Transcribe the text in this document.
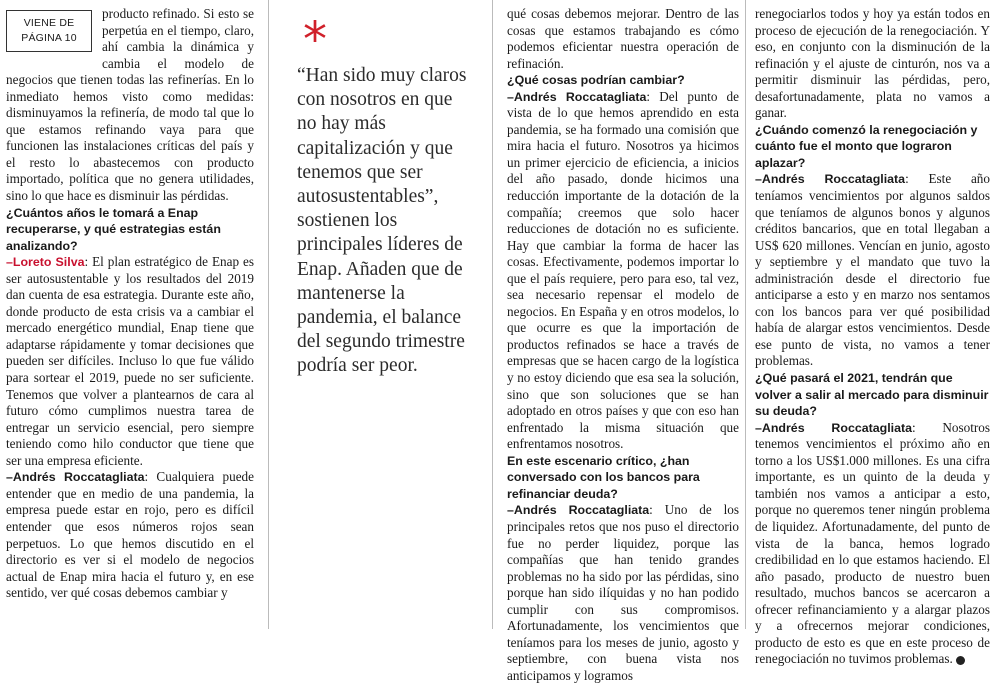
VIENE DE
PÁGINA 10

producto refinado. Si esto se perpetúa en el tiempo, claro, ahí cambia la dinámica y cambia el modelo de negocios que tienen todas las refinerías. En lo inmediato hemos visto como medidas: disminuyamos la refinería, de modo tal que lo que estamos refinando vaya para que funcionen las instalaciones críticas del país y el resto lo abastecemos con producto importado, política que no genera utilidades, sino lo que hace es disminuir las pérdidas.

¿Cuántos años le tomará a Enap recuperarse, y qué estrategias están analizando?

–Loreto Silva: El plan estratégico de Enap es ser autosustentable y los resultados del 2019 dan cuenta de esa estrategia. Durante este año, donde producto de esta crisis va a cambiar el mercado energético mundial, Enap tiene que adaptarse rápidamente y tomar decisiones que pueden ser difíciles. Incluso lo que fue válido para sortear el 2019, puede no ser suficiente. Tenemos que volver a plantearnos de cara al futuro cómo cumplimos nuestra tarea de entregar un servicio esencial, pero siempre teniendo como hilo conductor que tiene que ser una empresa eficiente.

–Andrés Roccatagliata: Cualquiera puede entender que en medio de una pandemia, la empresa puede estar en rojo, pero es difícil entender que esos números rojos sean perpetuos. Lo que hemos discutido en el directorio es ver si el modelo de negocios actual de Enap mira hacia el futuro y, en ese sentido, ver qué cosas debemos cambiar y

*
“Han sido muy claros con nosotros en que no hay más capitalización y que tenemos que ser autosustentables”, sostienen los principales líderes de Enap. Añaden que de mantenerse la pandemia, el balance del segundo trimestre podría ser peor.

qué cosas debemos mejorar. Dentro de las cosas que estamos trabajando es cómo podemos eficientar nuestra operación de refinación.

¿Qué cosas podrían cambiar?

–Andrés Roccatagliata: Del punto de vista de lo que hemos aprendido en esta pandemia, se ha formado una comisión que mira hacia el futuro. Nosotros ya hicimos un primer ejercicio de eficiencia, a inicios del año pasado, donde hicimos una reducción importante de la dotación de la compañía; creemos que solo hacer reducciones de dotación no es suficiente. Hay que cambiar la forma de hacer las cosas. Efectivamente, podemos importar lo que el país requiere, pero para eso, tal vez, sea necesario repensar el modelo de negocios. En España y en otros modelos, lo que ocurre es que la importación de productos refinados se hace a través de empresas que se hacen cargo de la logística y no estoy diciendo que esa sea la solución, sino que son soluciones que se han adoptado en otros países y que con eso han enfrentado la misma situación que enfrentamos nosotros.

En este escenario crítico, ¿han conversado con los bancos para refinanciar deuda?

–Andrés Roccatagliata: Uno de los principales retos que nos puso el directorio fue no perder liquidez, porque las compañías que han tenido grandes problemas no ha sido por las pérdidas, sino porque han sido ilíquidas y no han podido cumplir con sus compromisos. Afortunadamente, los vencimientos que teníamos para los meses de junio, agosto y septiembre, con buena vista nos anticipamos y logramos

renegociarlos todos y hoy ya están todos en proceso de ejecución de la renegociación. Y eso, en conjunto con la disminución de la refinación y el ajuste de cinturón, nos va a permitir disminuir las pérdidas, pero, desafortunadamente, plata no vamos a ganar.

¿Cuándo comenzó la renegociación y cuánto fue el monto que lograron aplazar?

–Andrés Roccatagliata: Este año teníamos vencimientos por algunos saldos que teníamos de algunos bonos y algunos créditos bancarios, que en total llegaban a US$ 620 millones. Vencían en junio, agosto y septiembre y el mandato que tuvo la administración desde el directorio fue anticiparse a esto y en marzo nos sentamos con los bancos para ver qué posibilidad había de alargar estos vencimientos. Desde ese punto de vista, no vamos a tener problemas.

¿Qué pasará el 2021, tendrán que volver a salir al mercado para disminuir su deuda?

–Andrés Roccatagliata: Nosotros tenemos vencimientos el próximo año en torno a los US$1.000 millones. Es una cifra importante, es un quinto de la deuda y también nos vamos a anticipar a esto, porque no queremos tener ningún problema de liquidez. Afortunadamente, del punto de vista de la banca, hemos logrado credibilidad en lo que estamos haciendo. El año pasado, producto de nuestro buen resultado, muchos bancos se acercaron a ofrecer refinanciamiento y a alargar plazos y a ofrecernos mejorar condiciones, producto de esto es que en este proceso de renegociación no tuvimos problemas.
